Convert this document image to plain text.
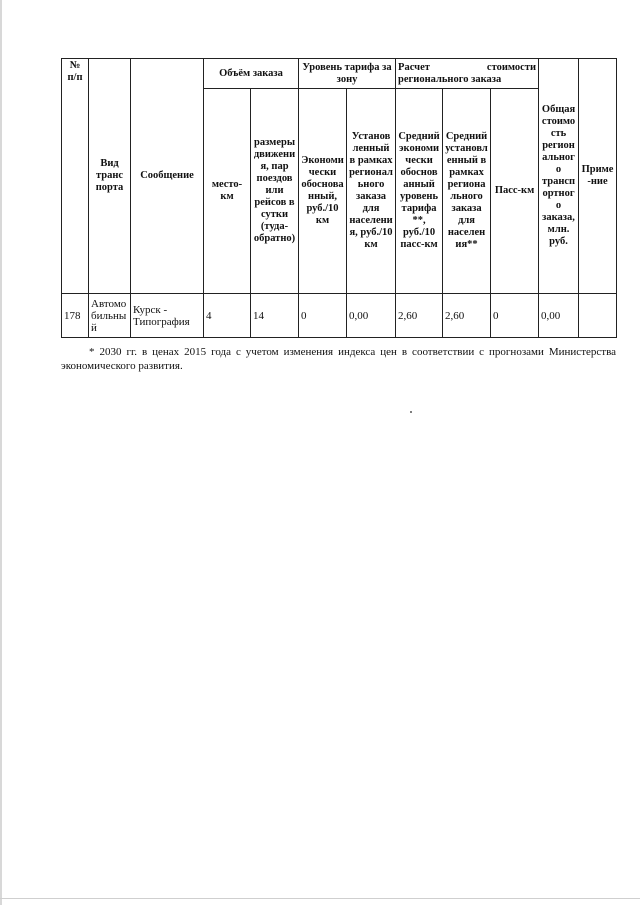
№ п/п	Вид транс порта	Сообщение	Объём заказа		Уровень тарифа за зону		Расчет стоимости регионального заказа			Общая стоимость регионального транспортного заказа, млн. руб.	Приме-ние
			место-км	размеры движения, пар поездов или рейсов в сутки (туда-обратно)	Экономически обоснованный, руб./10 км	Установленный в рамках регионального заказа для населения, руб./10 км	Средний экономически обоснованный уровень тарифа **, руб./10 пасс-км	Средний установленный в рамках регионального заказа для населения**	Пасс-км		
178	Автомобильный	Курск - Типография	4	14	0	0,00	2,60	2,60	0	0,00	
* 2030 гг. в ценах 2015 года с учетом изменения индекса цен в соответствии с прогнозами Министерства экономического развития.
